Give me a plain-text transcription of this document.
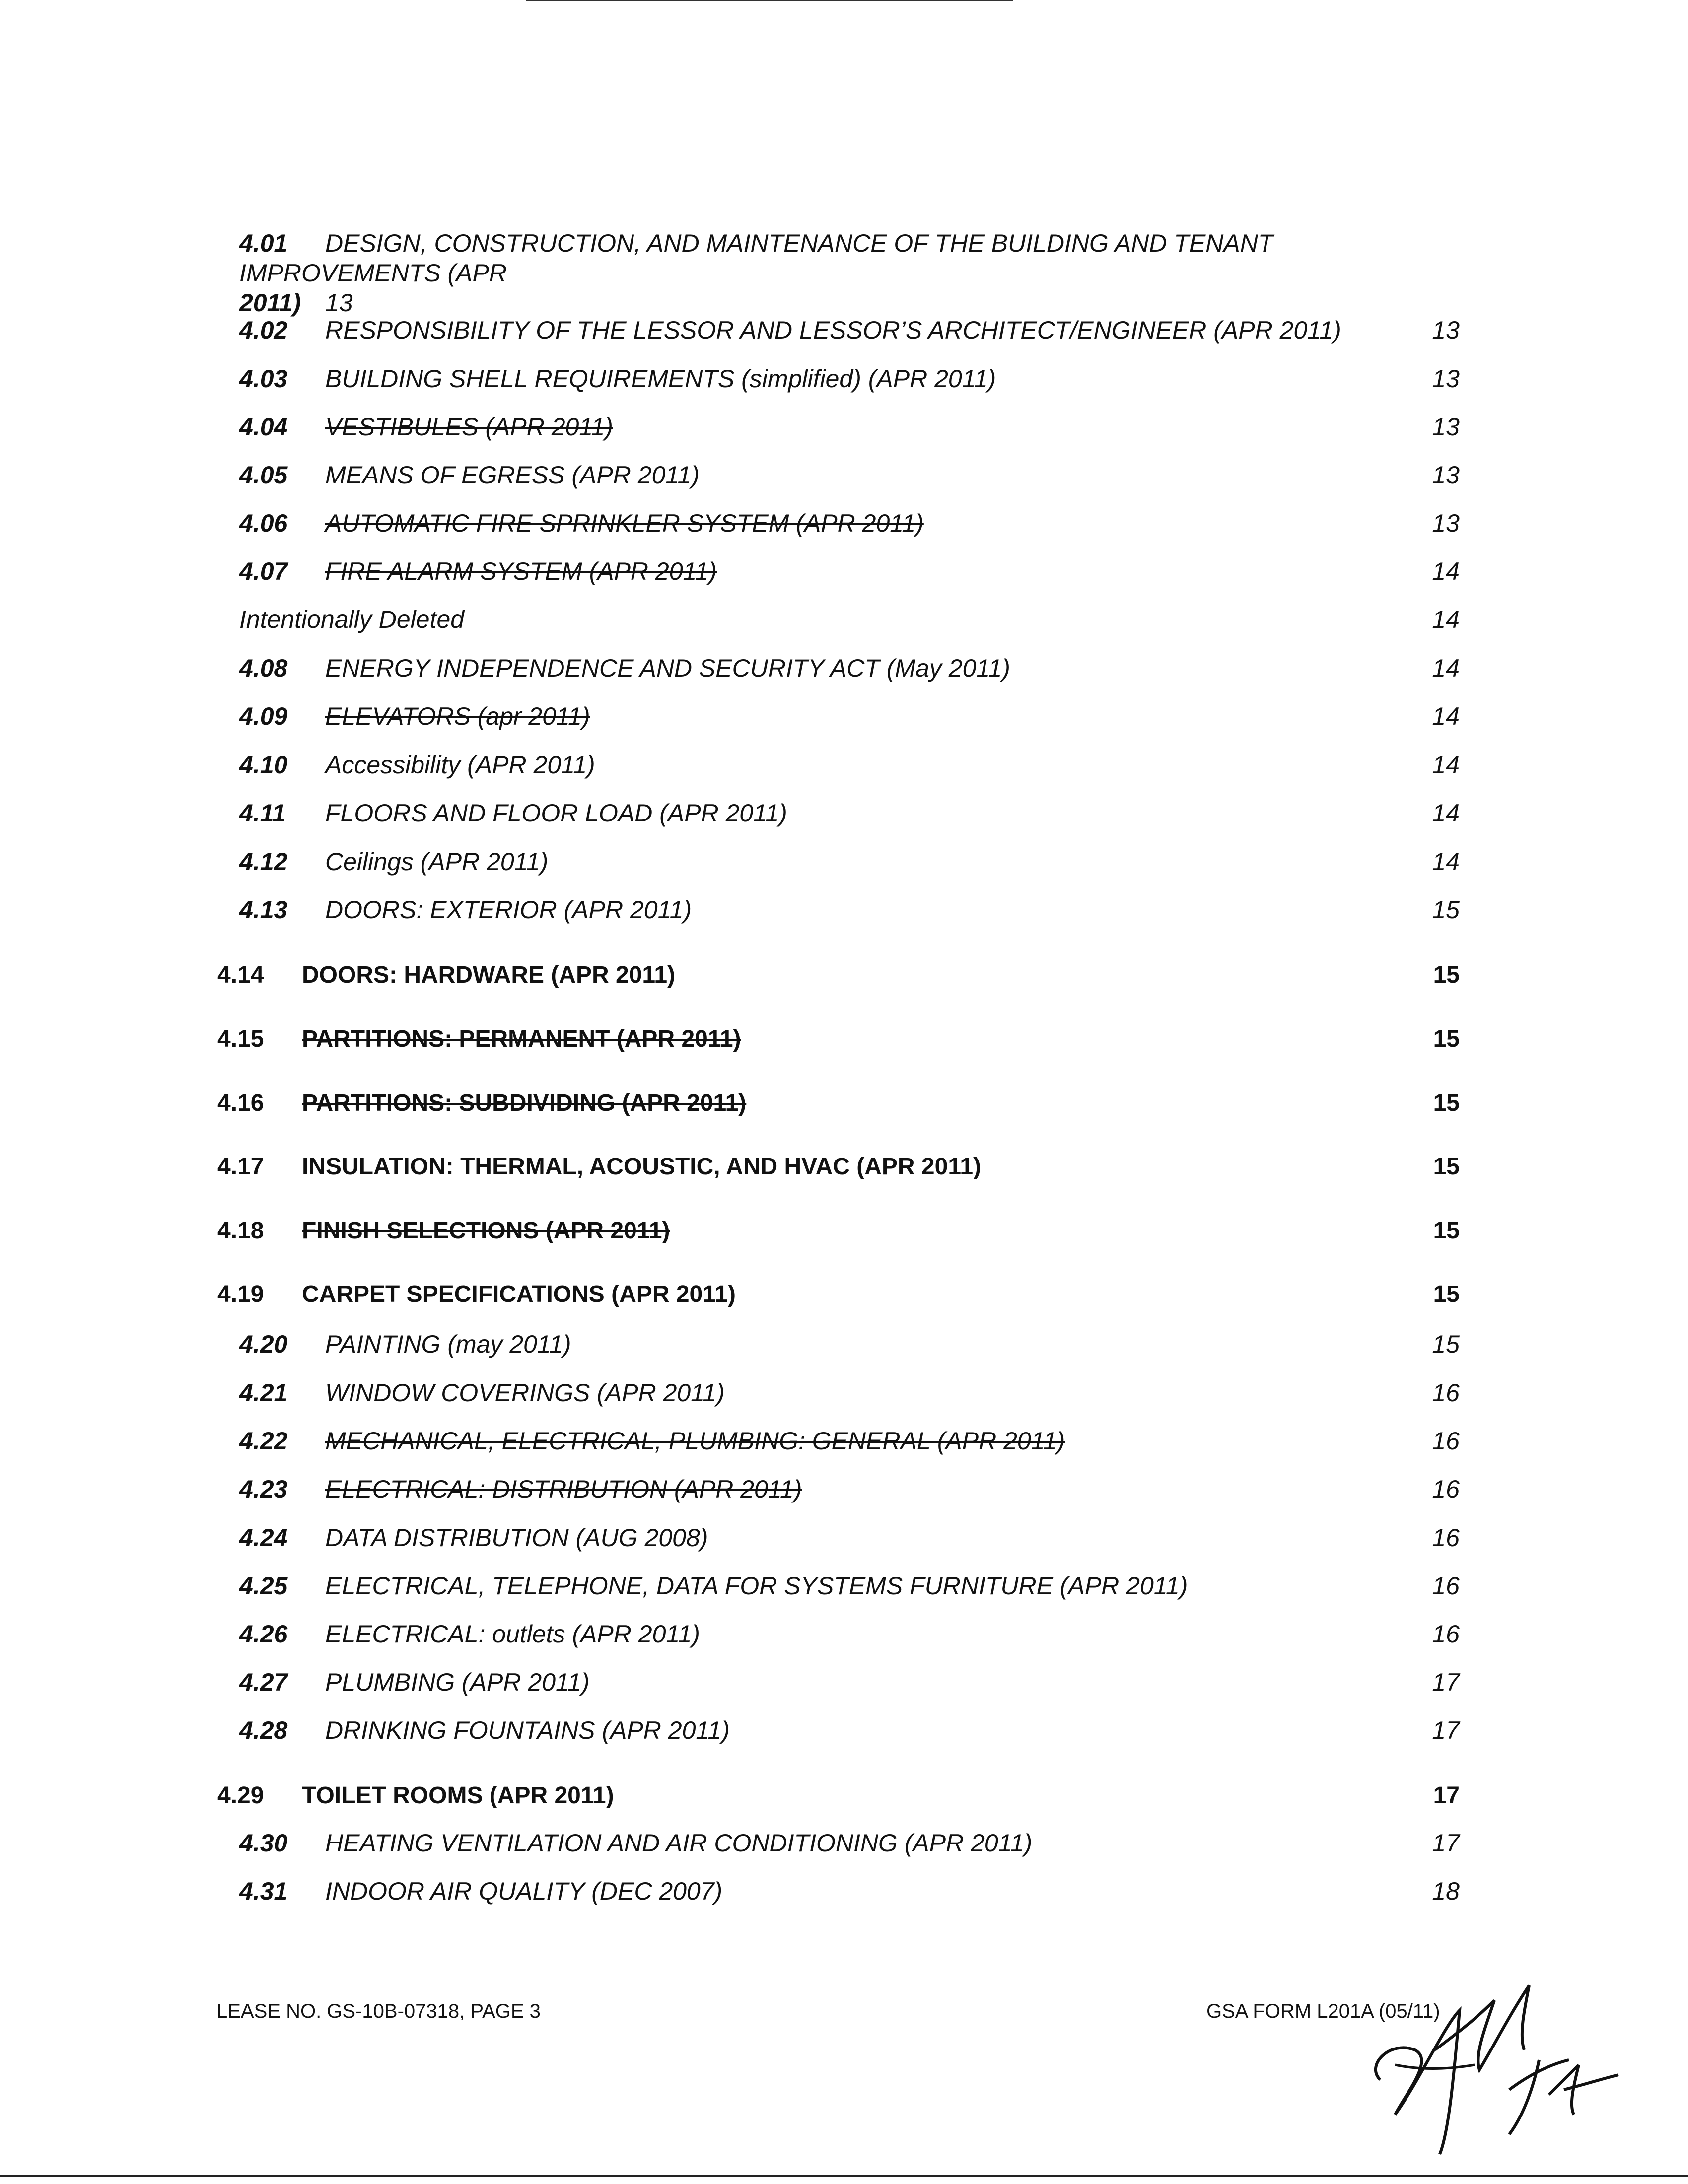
4.01 DESIGN, CONSTRUCTION, AND MAINTENANCE OF THE BUILDING AND TENANT IMPROVEMENTS (APR
2011) 13
4.02 RESPONSIBILITY OF THE LESSOR AND LESSOR’S ARCHITECT/ENGINEER (APR 2011)	13
4.03 BUILDING SHELL REQUIREMENTS (simplified) (APR 2011)	13
4.04 VESTIBULES (APR 2011)	13
4.05 MEANS OF EGRESS (APR 2011)	13
4.06 AUTOMATIC FIRE SPRINKLER SYSTEM (APR 2011)	13
4.07 FIRE ALARM SYSTEM (APR 2011)	14
Intentionally Deleted	14
4.08 ENERGY INDEPENDENCE AND SECURITY ACT (May 2011)	14
4.09 ELEVATORS (apr 2011)	14
4.10 Accessibility (APR 2011)	14
4.11 FLOORS AND FLOOR LOAD (APR 2011)	14
4.12 Ceilings (APR 2011)	14
4.13 DOORS: EXTERIOR (APR 2011)	15
4.14 DOORS: HARDWARE (APR 2011)	15
4.15 PARTITIONS: PERMANENT (APR 2011)	15
4.16 PARTITIONS: SUBDIVIDING (APR 2011)	15
4.17 INSULATION: THERMAL, ACOUSTIC, AND HVAC (APR 2011)	15
4.18 FINISH SELECTIONS (APR 2011)	15
4.19 CARPET SPECIFICATIONS (APR 2011)	15
4.20 PAINTING (may 2011)	15
4.21 WINDOW COVERINGS (APR 2011)	16
4.22 MECHANICAL, ELECTRICAL, PLUMBING: GENERAL (APR 2011)	16
4.23 ELECTRICAL: DISTRIBUTION (APR 2011)	16
4.24 DATA DISTRIBUTION (AUG 2008)	16
4.25 ELECTRICAL, TELEPHONE, DATA FOR SYSTEMS FURNITURE (APR 2011)	16
4.26 ELECTRICAL: outlets (APR 2011)	16
4.27 PLUMBING (APR 2011)	17
4.28 DRINKING FOUNTAINS (APR 2011)	17
4.29 TOILET ROOMS (APR 2011)	17
4.30 HEATING VENTILATION AND AIR CONDITIONING (APR 2011)	17
4.31 INDOOR AIR QUALITY (DEC 2007)	18
LEASE NO. GS-10B-07318, PAGE 3	GSA FORM L201A (05/11)
